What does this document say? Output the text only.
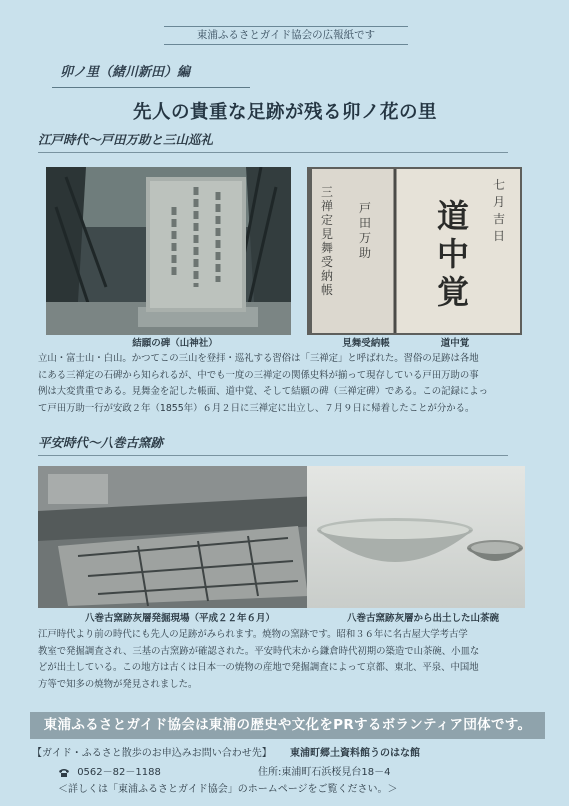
東浦ふるさとガイド協会の広報紙です
卯ノ里（緒川新田）編
先人の貴重な足跡が残る卯ノ花の里
江戸時代～戸田万助と三山巡礼
結願の碑（山神社）
三禅定見舞受納帳
戸田万助
七月吉日
道中覚
見舞受納帳	道中覚

立山・富士山・白山。かつてこの三山を登拝・巡礼する習俗は「三禅定」と呼ばれた。習俗の足跡は各地

にある三禅定の石碑から知られるが、中でも一度の三禅定の関係史料が揃って現存している戸田万助の事

例は大変貴重である。見舞金を記した帳面、道中覚、そして結願の碑（三禅定碑）である。この記録によっ

て戸田万助一行が安政２年（1855年）６月２日に三禅定に出立し、７月９日に帰着したことが分かる。

平安時代～八巻古窯跡
八巻古窯跡灰層発掘現場（平成２２年６月）	八巻古窯跡灰層から出土した山茶碗

江戸時代より前の時代にも先人の足跡がみられます。焼物の窯跡です。昭和３６年に名古屋大学考古学

教室で発掘調査され、三基の古窯跡が確認された。平安時代末から鎌倉時代初期の築造で山茶碗、小皿な

どが出土している。この地方は古くは日本一の焼物の産地で発掘調査によって京都、東北、平泉、中国地

方等で知多の焼物が発見されました。

東浦ふるさとガイド協会は東浦の歴史や文化をPRするボランティア団体です。
【ガイド・ふるさと散歩のお申込みお問い合わせ先】 東浦町郷土資料館うのはな館
0562－82－1188	住所:東浦町石浜桜見台18－4
＜詳しくは「東浦ふるさとガイド協会」のホームページをご覧ください。＞
